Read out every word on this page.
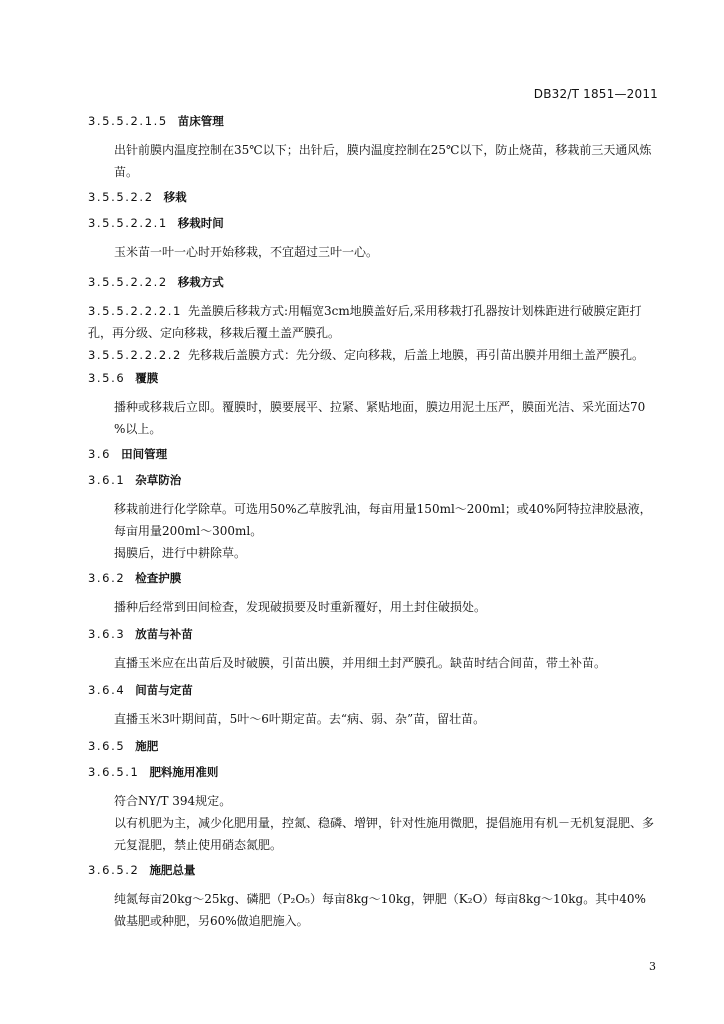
DB32/T 1851—2011
3.5.5.2.1.5 苗床管理
出针前膜内温度控制在35℃以下；出针后，膜内温度控制在25℃以下，防止烧苗，移栽前三天通风炼苗。
3.5.5.2.2 移栽
3.5.5.2.2.1 移栽时间
玉米苗一叶一心时开始移栽，不宜超过三叶一心。
3.5.5.2.2.2 移栽方式
3.5.5.2.2.2.1 先盖膜后移栽方式:用幅宽3cm地膜盖好后,采用移栽打孔器按计划株距进行破膜定距打孔，再分级、定向移栽，移栽后覆土盖严膜孔。
3.5.5.2.2.2.2 先移栽后盖膜方式：先分级、定向移栽，后盖上地膜，再引苗出膜并用细土盖严膜孔。
3.5.6 覆膜
播种或移栽后立即。覆膜时，膜要展平、拉紧、紧贴地面，膜边用泥土压严，膜面光洁、采光面达70 %以上。
3.6 田间管理
3.6.1 杂草防治
移栽前进行化学除草。可选用50%乙草胺乳油，每亩用量150ml～200ml；或40%阿特拉津胶悬液，每亩用量200ml～300ml。
揭膜后，进行中耕除草。
3.6.2 检查护膜
播种后经常到田间检查，发现破损要及时重新覆好，用土封住破损处。
3.6.3 放苗与补苗
直播玉米应在出苗后及时破膜，引苗出膜，并用细土封严膜孔。缺苗时结合间苗，带土补苗。
3.6.4 间苗与定苗
直播玉米3叶期间苗，5叶～6叶期定苗。去“病、弱、杂”苗，留壮苗。
3.6.5 施肥
3.6.5.1 肥料施用准则
符合NY/T 394规定。
以有机肥为主，减少化肥用量，控氮、稳磷、增钾，针对性施用微肥，提倡施用有机－无机复混肥、多元复混肥，禁止使用硝态氮肥。
3.6.5.2 施肥总量
纯氮每亩20kg～25kg、磷肥（P₂O₅）每亩8kg～10kg，钾肥（K₂O）每亩8kg～10kg。其中40%做基肥或种肥，另60%做追肥施入。
3
